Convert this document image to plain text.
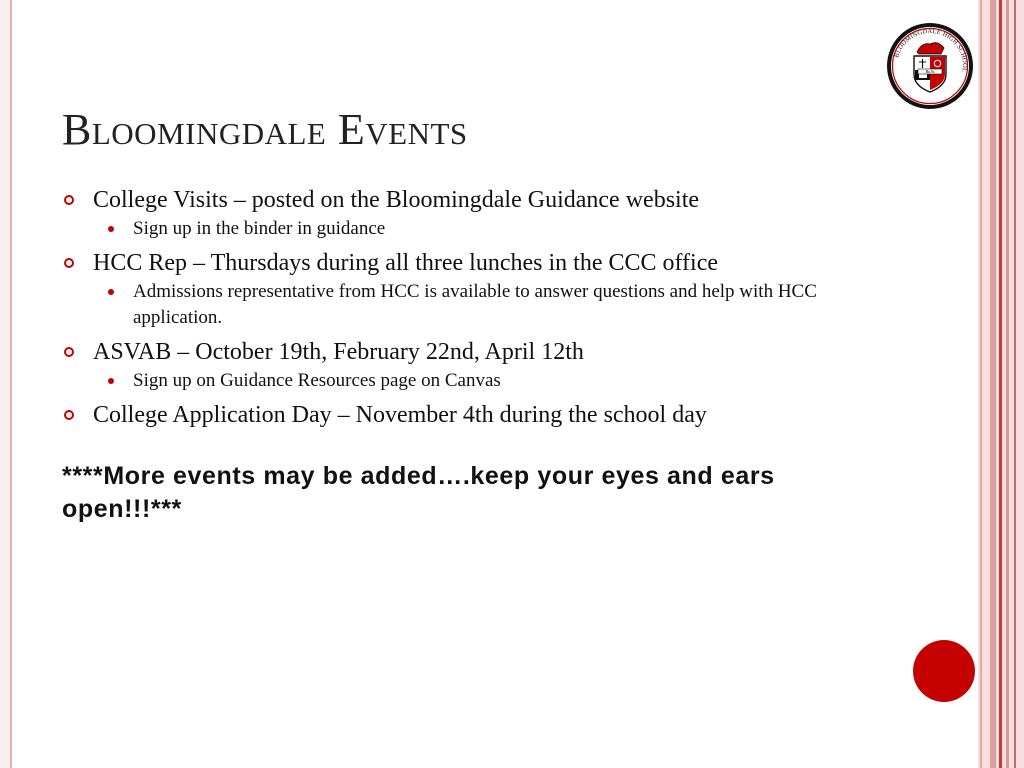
BLOOMINGDALE HIGH SCHOOL
Bulls
Bloomingdale Events
College Visits – posted on the Bloomingdale Guidance website
Sign up in the binder in guidance
HCC Rep – Thursdays during all three lunches in the CCC office
Admissions representative from HCC is available to answer questions and help with HCC application.
ASVAB – October 19th, February 22nd, April 12th
Sign up on Guidance Resources page on Canvas
College Application Day – November 4th during the school day

****More events may be added….keep your eyes and ears open!!!***
